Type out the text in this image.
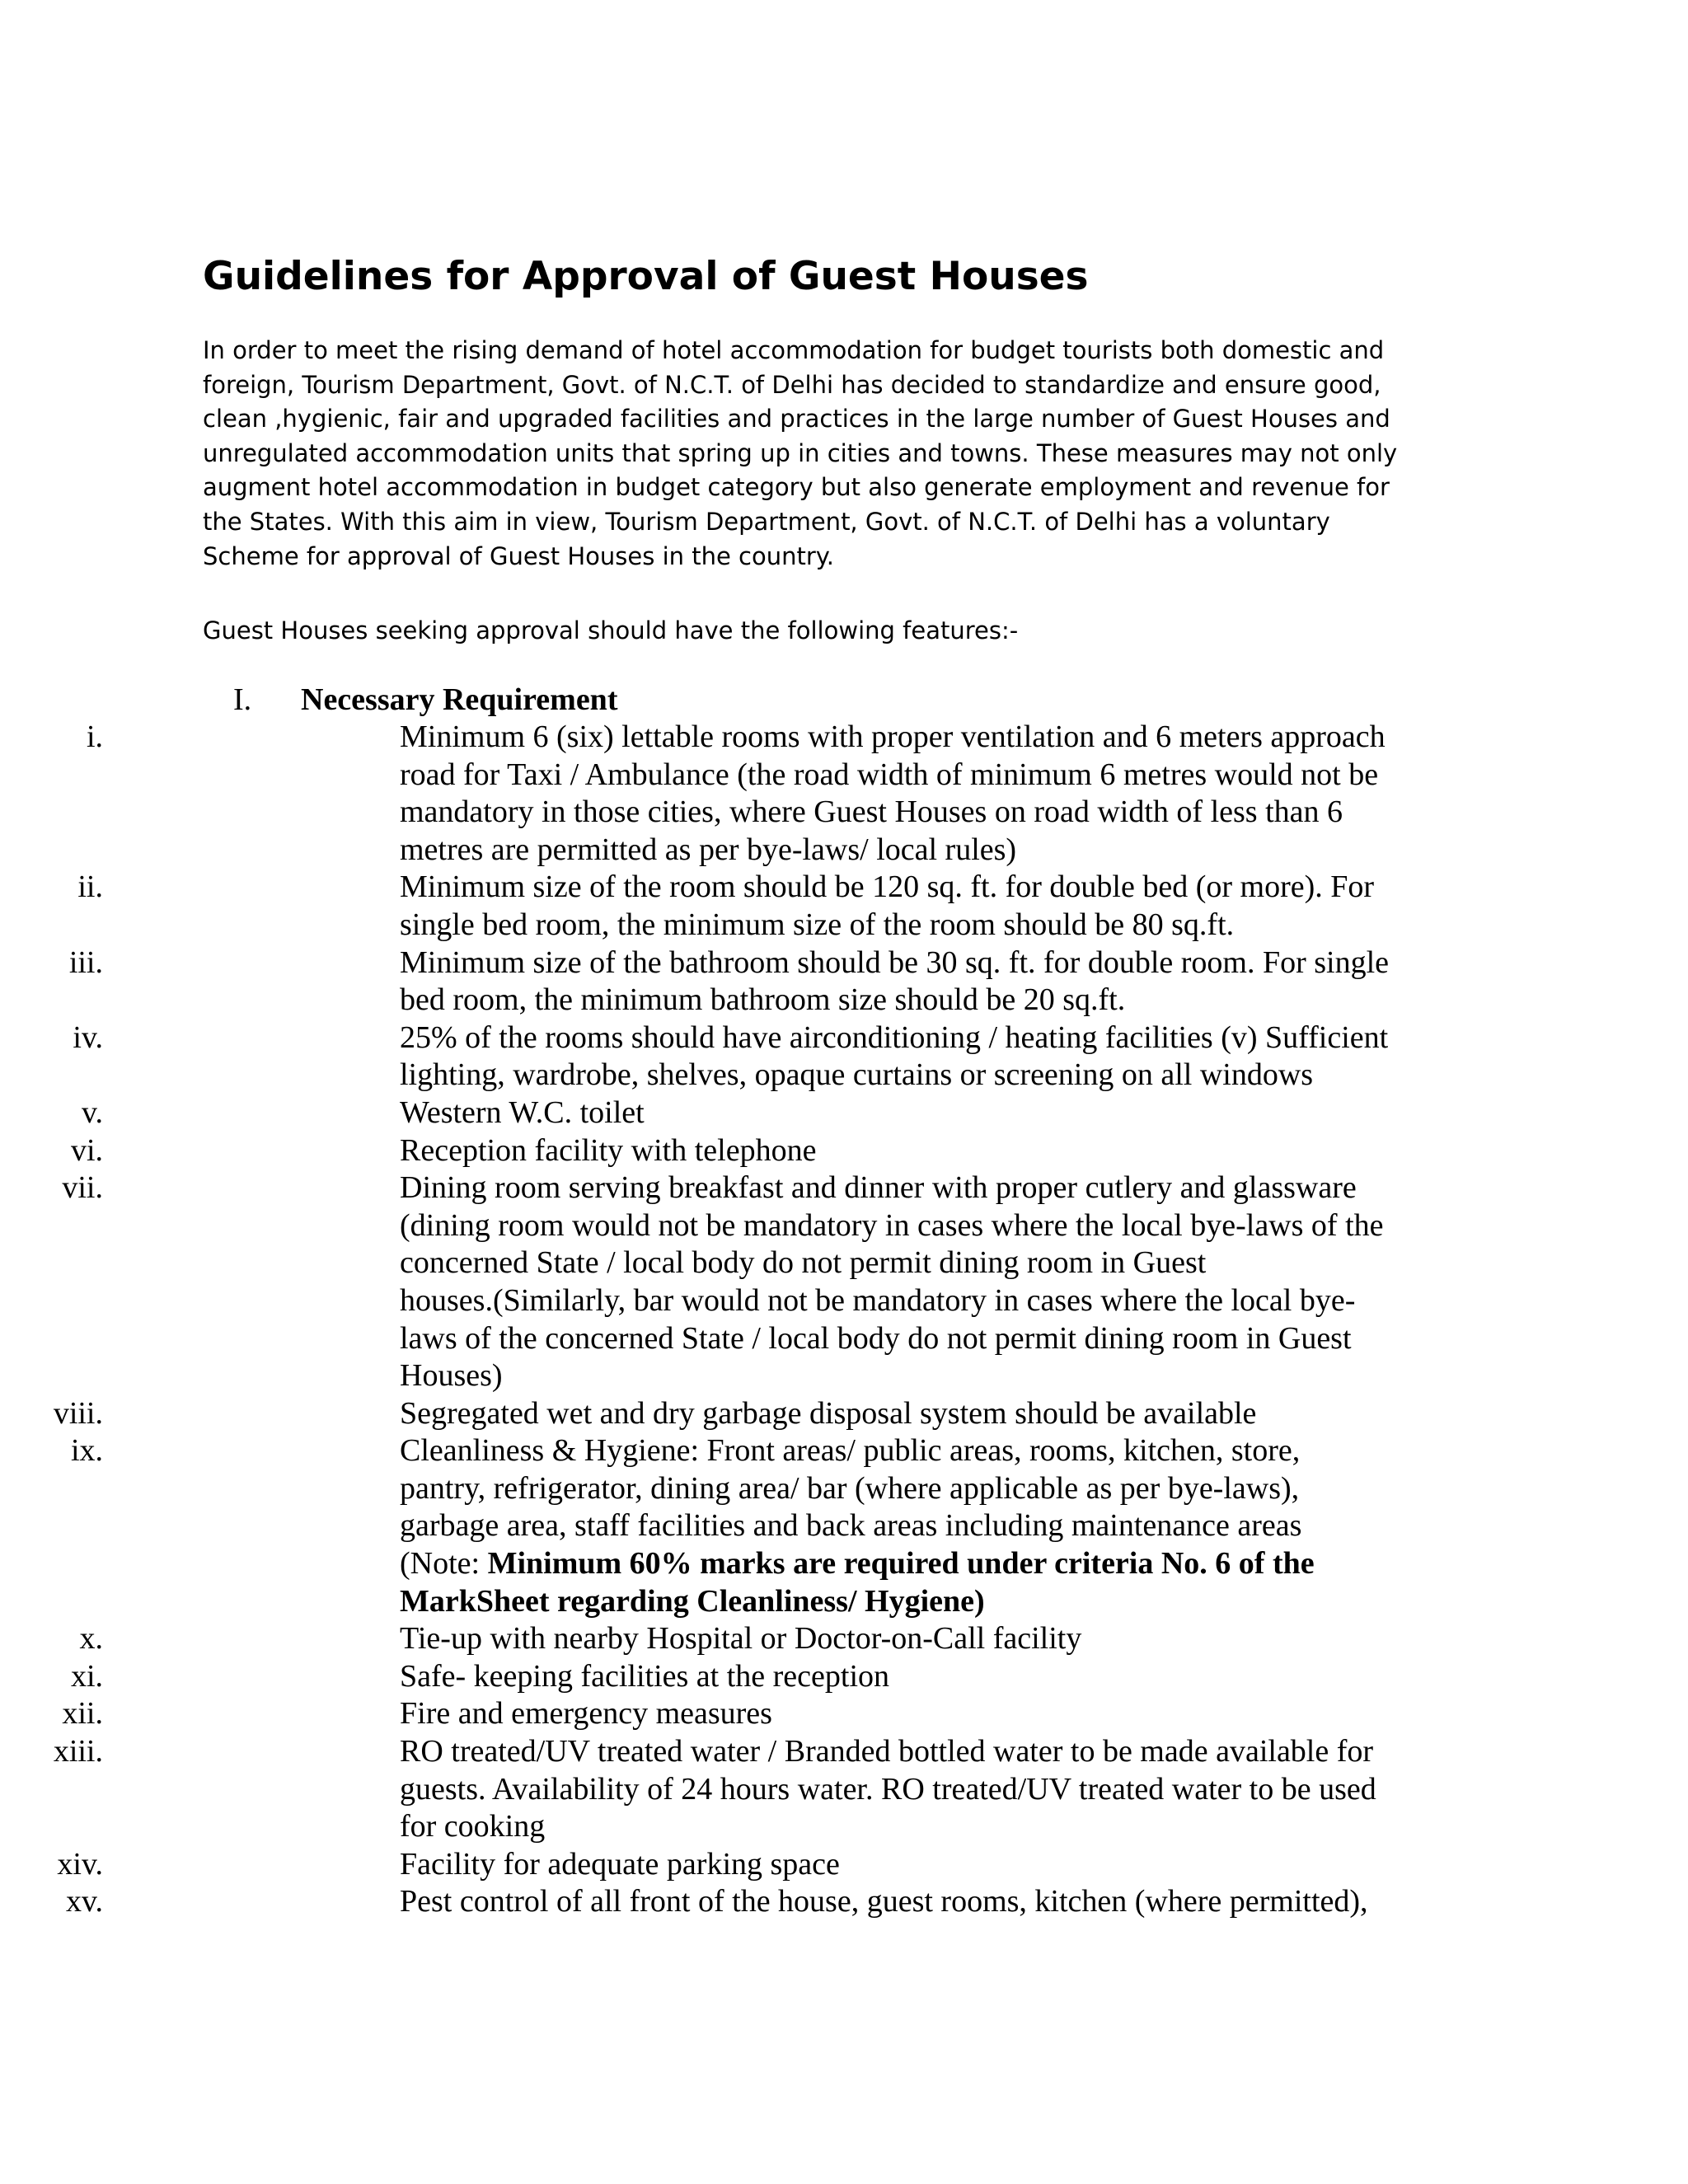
Guidelines for Approval of Guest Houses

In order to meet the rising demand of hotel accommodation for budget tourists both domestic and
foreign, Tourism Department, Govt. of N.C.T. of Delhi has decided to standardize and ensure good,
clean ,hygienic, fair and upgraded facilities and practices in the large number of Guest Houses and
unregulated accommodation units that spring up in cities and towns. These measures may not only
augment hotel accommodation in budget category but also generate employment and revenue for
the States. With this aim in view, Tourism Department, Govt. of N.C.T. of Delhi has a voluntary
Scheme for approval of Guest Houses in the country.

Guest Houses seeking approval should have the following features:-

I. Necessary Requirement
i.	Minimum 6 (six) lettable rooms with proper ventilation and 6 meters approach
road for Taxi / Ambulance (the road width of minimum 6 metres would not be
mandatory in those cities, where Guest Houses on road width of less than 6
metres are permitted as per bye-laws/ local rules)
ii.	Minimum size of the room should be 120 sq. ft. for double bed (or more). For
single bed room, the minimum size of the room should be 80 sq.ft.
iii.	Minimum size of the bathroom should be 30 sq. ft. for double room. For single
bed room, the minimum bathroom size should be 20 sq.ft.
iv.	25% of the rooms should have airconditioning / heating facilities (v) Sufficient
lighting, wardrobe, shelves, opaque curtains or screening on all windows
v.	Western W.C. toilet
vi.	Reception facility with telephone
vii.	Dining room serving breakfast and dinner with proper cutlery and glassware
(dining room would not be mandatory in cases where the local bye-laws of the
concerned State / local body do not permit dining room in Guest
houses.(Similarly, bar would not be mandatory in cases where the local bye-
laws of the concerned State / local body do not permit dining room in Guest
Houses)
viii.	Segregated wet and dry garbage disposal system should be available
ix.	Cleanliness & Hygiene: Front areas/ public areas, rooms, kitchen, store,
pantry, refrigerator, dining area/ bar (where applicable as per bye-laws),
garbage area, staff facilities and back areas including maintenance areas
(Note: Minimum 60% marks are required under criteria No. 6 of the
MarkSheet regarding Cleanliness/ Hygiene)
x.	Tie-up with nearby Hospital or Doctor-on-Call facility
xi.	Safe- keeping facilities at the reception
xii.	Fire and emergency measures
xiii.	RO treated/UV treated water / Branded bottled water to be made available for
guests. Availability of 24 hours water. RO treated/UV treated water to be used
for cooking
xiv.	Facility for adequate parking space
xv.	Pest control of all front of the house, guest rooms, kitchen (where permitted),
